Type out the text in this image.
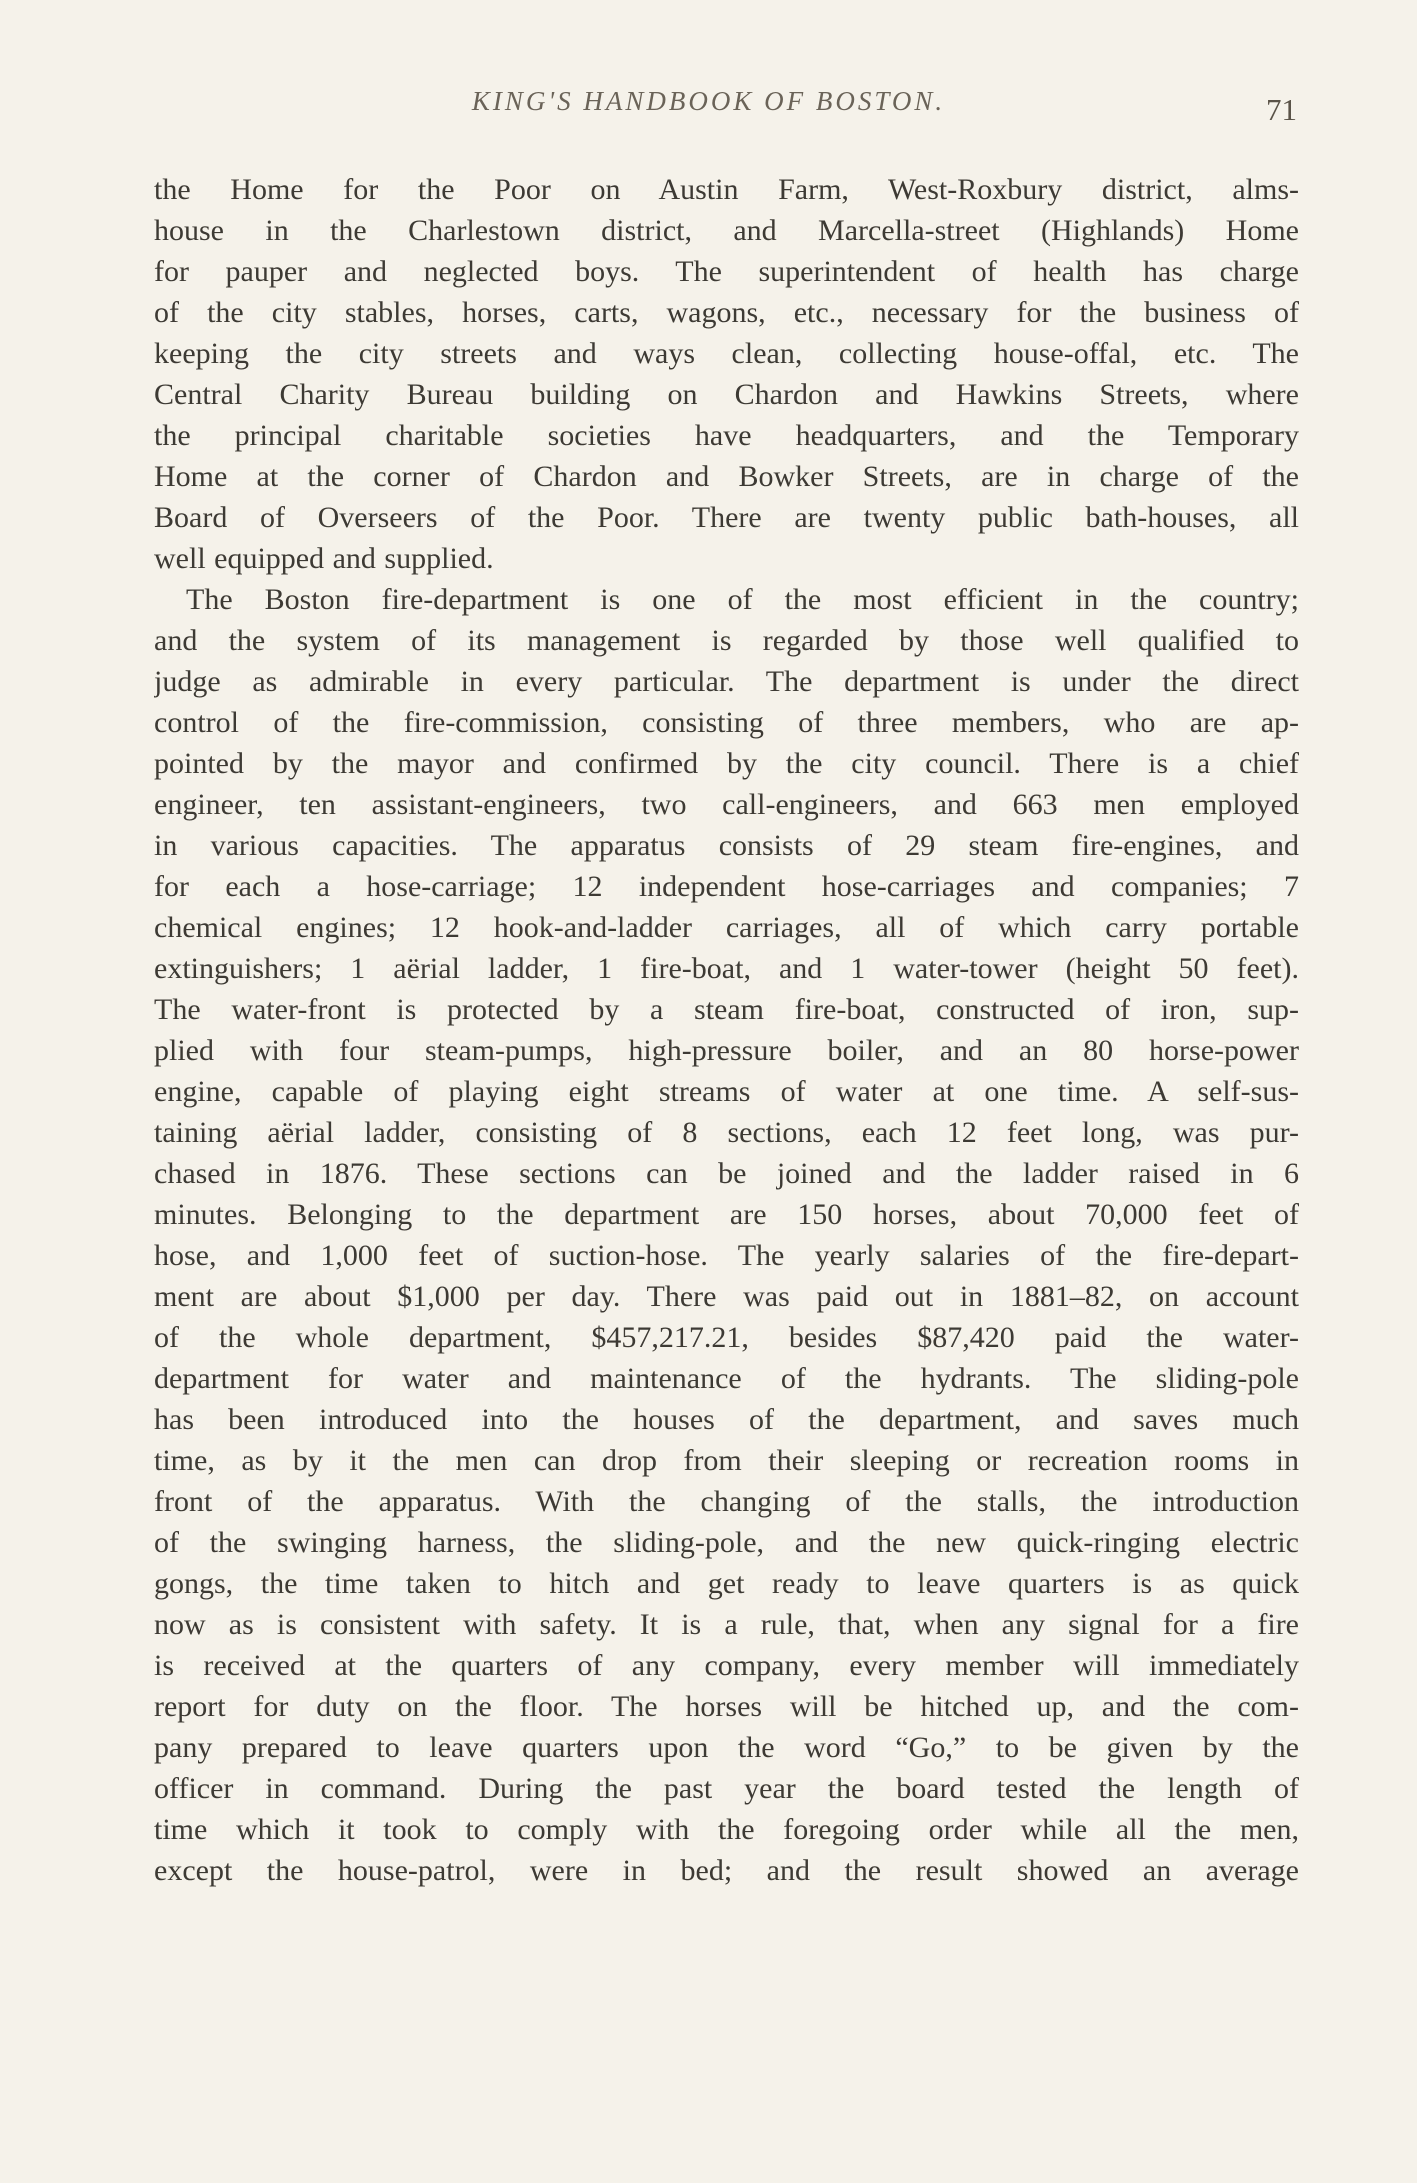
KING'S HANDBOOK OF BOSTON.	71
the Home for the Poor on Austin Farm, West-Roxbury district, alms-
house in the Charlestown district, and Marcella-street (Highlands) Home
for pauper and neglected boys. The superintendent of health has charge
of the city stables, horses, carts, wagons, etc., necessary for the business of
keeping the city streets and ways clean, collecting house-offal, etc. The
Central Charity Bureau building on Chardon and Hawkins Streets, where
the principal charitable societies have headquarters, and the Temporary
Home at the corner of Chardon and Bowker Streets, are in charge of the
Board of Overseers of the Poor. There are twenty public bath-houses, all
well equipped and supplied.
The Boston fire-department is one of the most efficient in the country;
and the system of its management is regarded by those well qualified to
judge as admirable in every particular. The department is under the direct
control of the fire-commission, consisting of three members, who are ap-
pointed by the mayor and confirmed by the city council. There is a chief
engineer, ten assistant-engineers, two call-engineers, and 663 men employed
in various capacities. The apparatus consists of 29 steam fire-engines, and
for each a hose-carriage; 12 independent hose-carriages and companies; 7
chemical engines; 12 hook-and-ladder carriages, all of which carry portable
extinguishers; 1 aërial ladder, 1 fire-boat, and 1 water-tower (height 50 feet).
The water-front is protected by a steam fire-boat, constructed of iron, sup-
plied with four steam-pumps, high-pressure boiler, and an 80 horse-power
engine, capable of playing eight streams of water at one time. A self-sus-
taining aërial ladder, consisting of 8 sections, each 12 feet long, was pur-
chased in 1876. These sections can be joined and the ladder raised in 6
minutes. Belonging to the department are 150 horses, about 70,000 feet of
hose, and 1,000 feet of suction-hose. The yearly salaries of the fire-depart-
ment are about $1,000 per day. There was paid out in 1881–82, on account
of the whole department, $457,217.21, besides $87,420 paid the water-
department for water and maintenance of the hydrants. The sliding-pole
has been introduced into the houses of the department, and saves much
time, as by it the men can drop from their sleeping or recreation rooms in
front of the apparatus. With the changing of the stalls, the introduction
of the swinging harness, the sliding-pole, and the new quick-ringing electric
gongs, the time taken to hitch and get ready to leave quarters is as quick
now as is consistent with safety. It is a rule, that, when any signal for a fire
is received at the quarters of any company, every member will immediately
report for duty on the floor. The horses will be hitched up, and the com-
pany prepared to leave quarters upon the word “Go,” to be given by the
officer in command. During the past year the board tested the length of
time which it took to comply with the foregoing order while all the men,
except the house-patrol, were in bed; and the result showed an average
